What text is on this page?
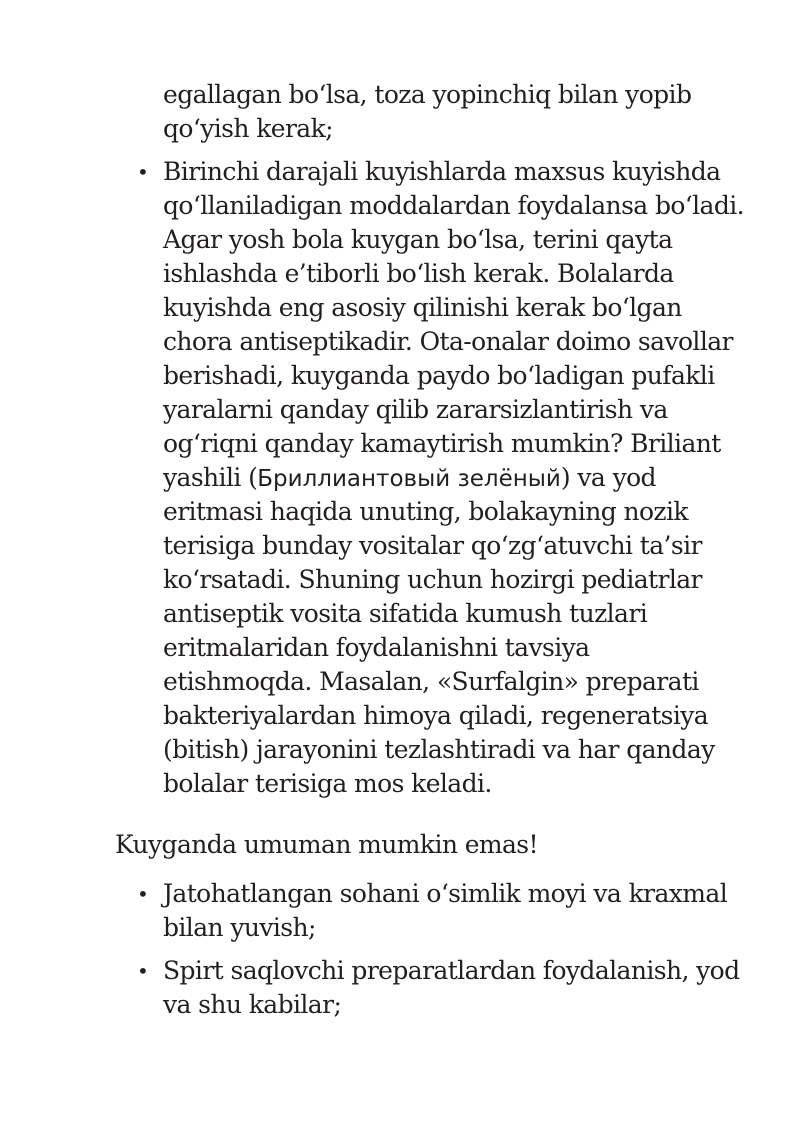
egallagan bo‘lsa, toza yopinchiq bilan yopib
qo‘yish kerak;
• Birinchi darajali kuyishlarda maxsus kuyishda
qo‘llaniladigan moddalardan foydalansa bo‘ladi.
Agar yosh bola kuygan bo‘lsa, terini qayta
ishlashda e’tiborli bo‘lish kerak. Bolalarda
kuyishda eng asosiy qilinishi kerak bo‘lgan
chora antiseptikadir. Ota-onalar doimo savollar
berishadi, kuyganda paydo bo‘ladigan pufakli
yaralarni qanday qilib zararsizlantirish va
og‘riqni qanday kamaytirish mumkin? Briliant
yashili (Бриллиантовый зелёный) va yod
eritmasi haqida unuting, bolakayning nozik
terisiga bunday vositalar qo‘zg‘atuvchi ta’sir
ko‘rsatadi. Shuning uchun hozirgi pediatrlar
antiseptik vosita sifatida kumush tuzlari
eritmalaridan foydalanishni tavsiya
etishmoqda. Masalan, «Surfalgin» preparati
bakteriyalardan himoya qiladi, regeneratsiya
(bitish) jarayonini tezlashtiradi va har qanday
bolalar terisiga mos keladi.
Kuyganda umuman mumkin emas!
• Jatohatlangan sohani o‘simlik moyi va kraxmal
bilan yuvish;
• Spirt saqlovchi preparatlardan foydalanish, yod
va shu kabilar;
